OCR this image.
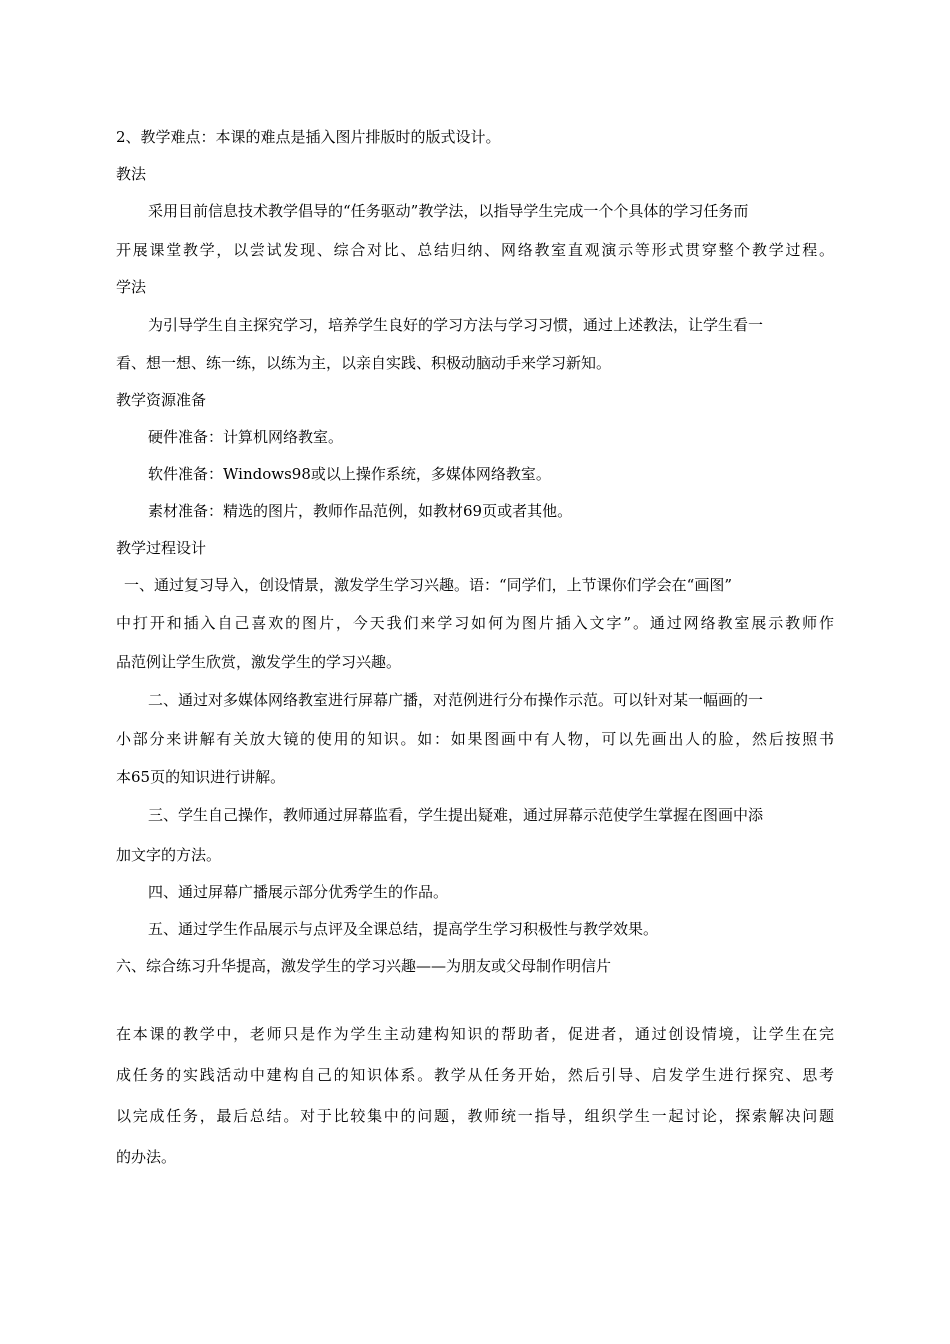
2、教学难点：本课的难点是插入图片排版时的版式设计。
教法
采用目前信息技术教学倡导的“任务驱动”教学法，以指导学生完成一个个具体的学习任务而
开展课堂教学，以尝试发现、综合对比、总结归纳、网络教室直观演示等形式贯穿整个教学过程。
学法
为引导学生自主探究学习，培养学生良好的学习方法与学习习惯，通过上述教法，让学生看一
看、想一想、练一练，以练为主，以亲自实践、积极动脑动手来学习新知。
教学资源准备
硬件准备：计算机网络教室。
软件准备：Windows98或以上操作系统，多媒体网络教室。
素材准备：精选的图片，教师作品范例，如教材69页或者其他。
教学过程设计
一、通过复习导入，创设情景，激发学生学习兴趣。语：“同学们，上节课你们学会在“画图”
中打开和插入自己喜欢的图片，今天我们来学习如何为图片插入文字”。通过网络教室展示教师作
品范例让学生欣赏，激发学生的学习兴趣。
二、通过对多媒体网络教室进行屏幕广播，对范例进行分布操作示范。可以针对某一幅画的一
小部分来讲解有关放大镜的使用的知识。如：如果图画中有人物，可以先画出人的脸，然后按照书
本65页的知识进行讲解。
三、学生自己操作，教师通过屏幕监看，学生提出疑难，通过屏幕示范使学生掌握在图画中添
加文字的方法。
四、通过屏幕广播展示部分优秀学生的作品。
五、通过学生作品展示与点评及全课总结，提高学生学习积极性与教学效果。
六、综合练习升华提高，激发学生的学习兴趣——为朋友或父母制作明信片
在本课的教学中，老师只是作为学生主动建构知识的帮助者，促进者，通过创设情境，让学生在完
成任务的实践活动中建构自己的知识体系。教学从任务开始，然后引导、启发学生进行探究、思考
以完成任务，最后总结。对于比较集中的问题，教师统一指导，组织学生一起讨论，探索解决问题
的办法。
